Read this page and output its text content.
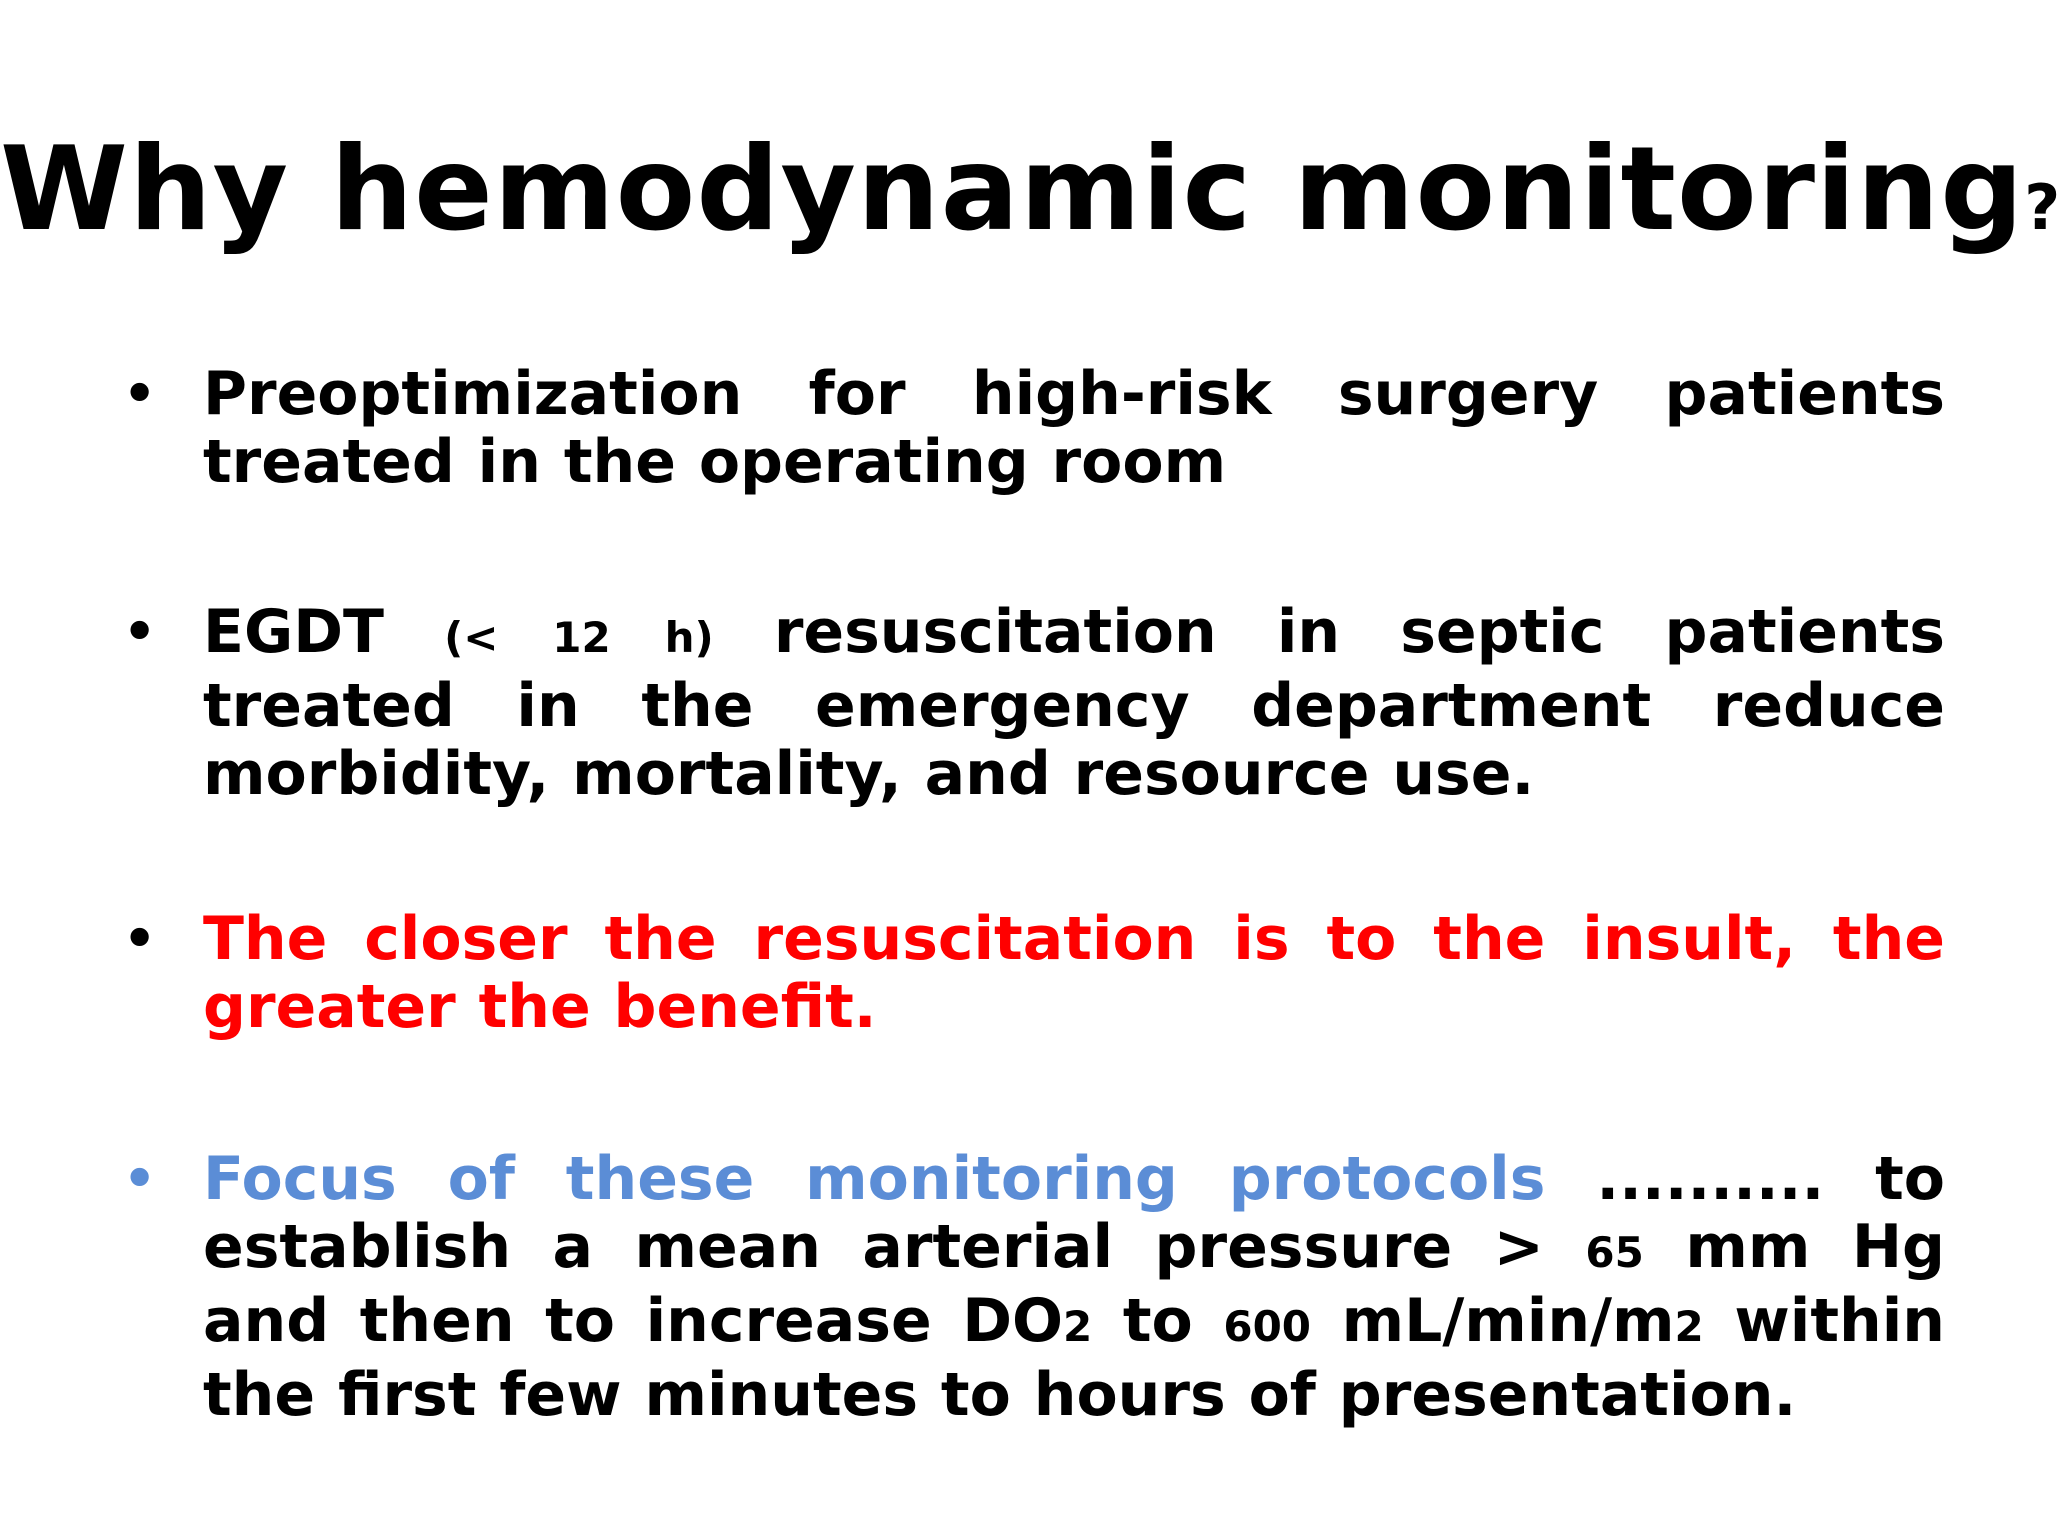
Why hemodynamic monitoring?
• Preoptimization for high-risk surgery patients treated in the operating room
• EGDT (< 12 h) resuscitation in septic patients treated in the emergency department reduce morbidity, mortality, and resource use.
• The closer the resuscitation is to the insult, the greater the benefit.
• Focus of these monitoring protocols .......... to establish a mean arterial pressure > 65 mm Hg and then to increase DO2 to 600 mL/min/m2 within the first few minutes to hours of presentation.
